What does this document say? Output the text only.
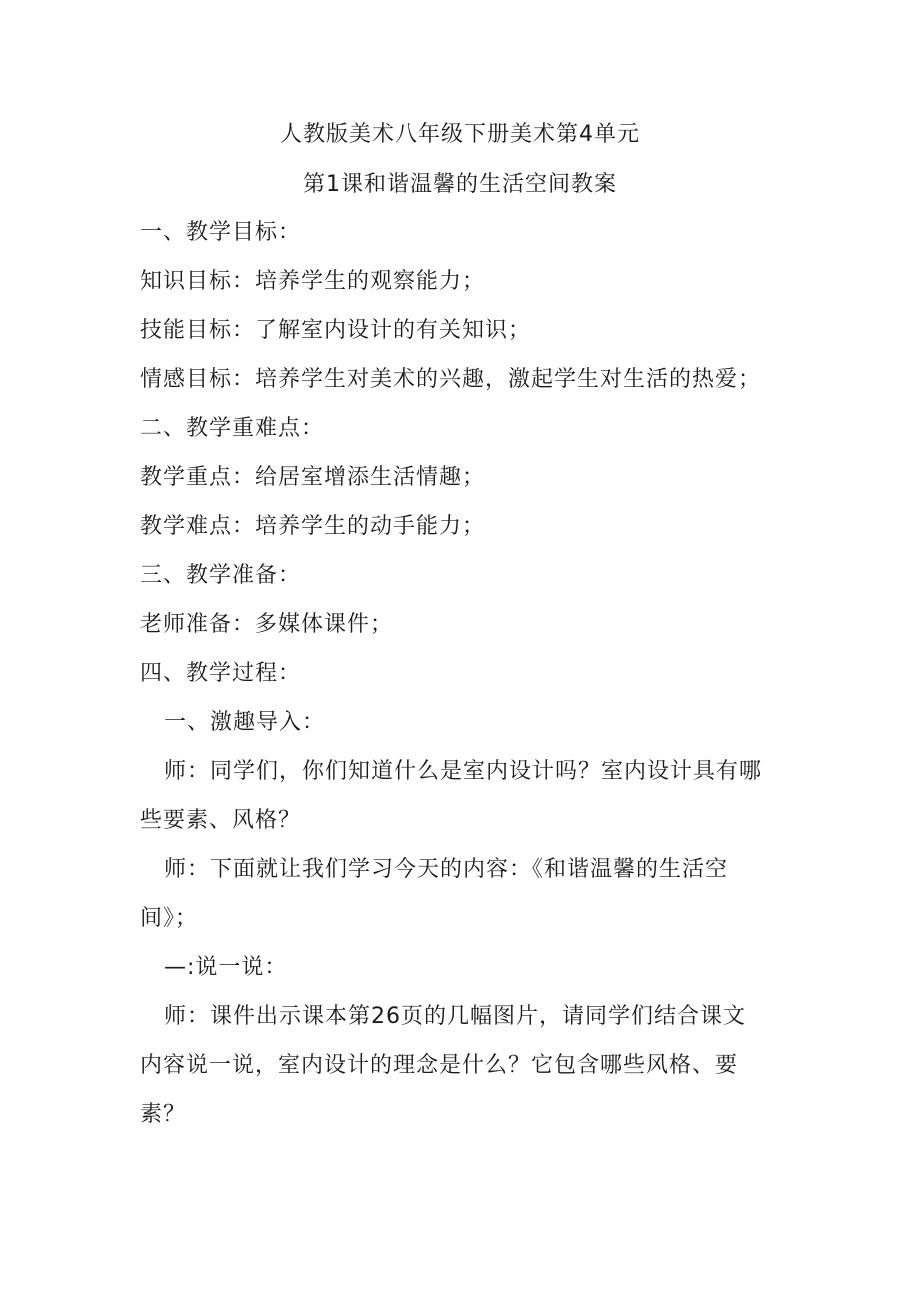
人教版美术八年级下册美术第4单元
第1课和谐温馨的生活空间教案
一、教学目标：
知识目标：培养学生的观察能力；
技能目标：了解室内设计的有关知识；
情感目标：培养学生对美术的兴趣，激起学生对生活的热爱；
二、教学重难点：
教学重点：给居室增添生活情趣；
教学难点：培养学生的动手能力；
三、教学准备：
老师准备：多媒体课件；
四、教学过程：
一、激趣导入：
师：同学们，你们知道什么是室内设计吗？室内设计具有哪
些要素、风格？
师：下面就让我们学习今天的内容：《和谐温馨的生活空
间》；
—:说一说：
师：课件出示课本第26页的几幅图片，请同学们结合课文
内容说一说，室内设计的理念是什么？它包含哪些风格、要
素？
